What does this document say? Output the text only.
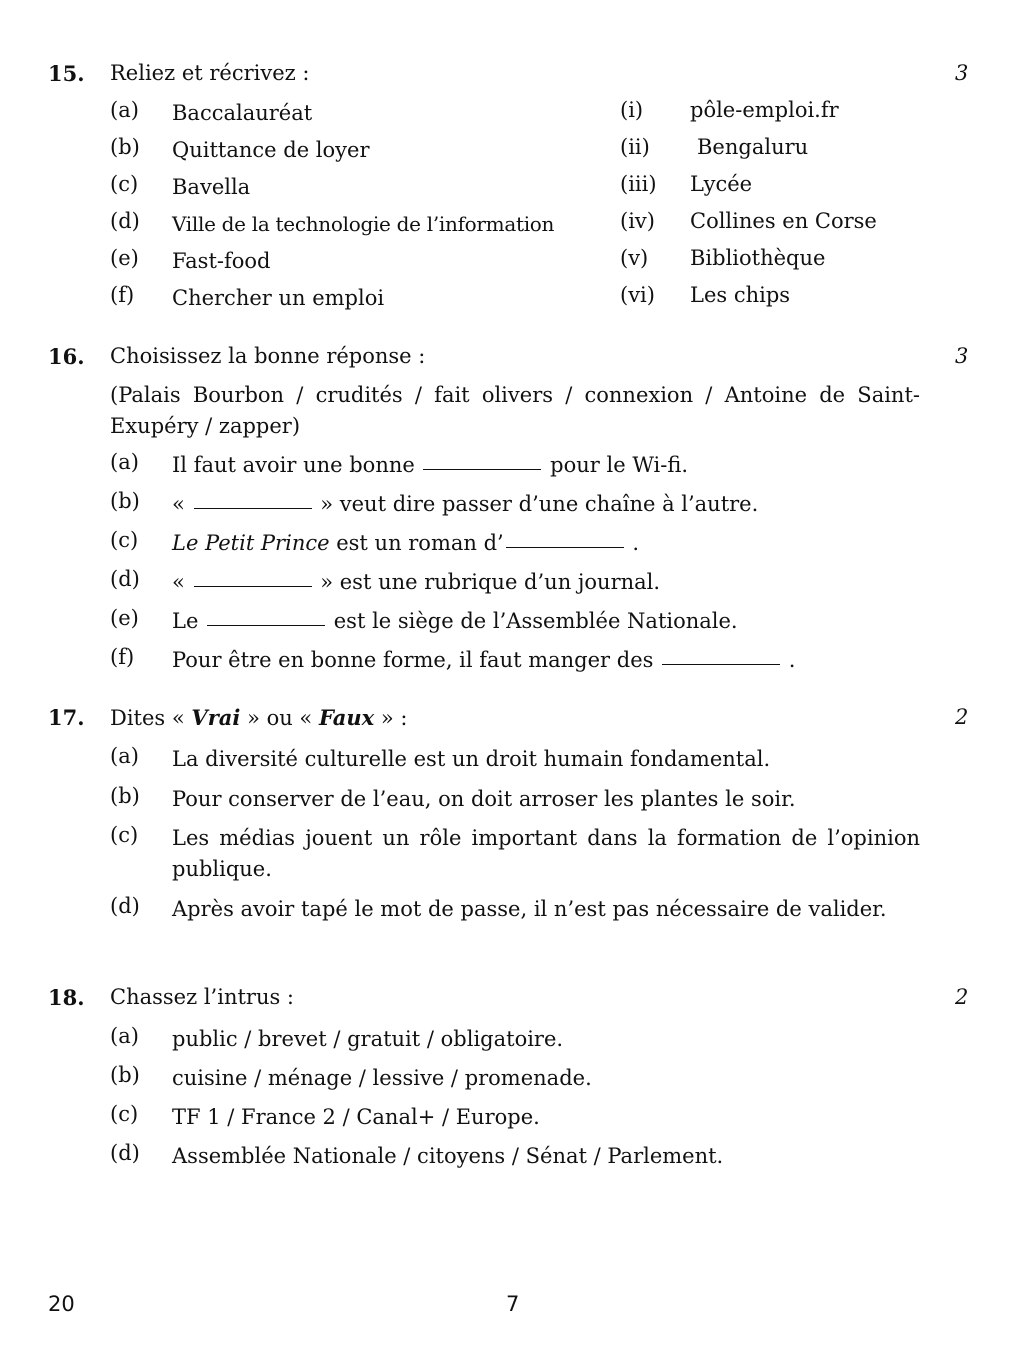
15. Reliez et récrivez :	3
(a) Baccalauréat	(i) pôle-emploi.fr
(b) Quittance de loyer	(ii) Bengaluru
(c) Bavella	(iii) Lycée
(d) Ville de la technologie de l’information	(iv) Collines en Corse
(e) Fast-food	(v) Bibliothèque
(f) Chercher un emploi	(vi) Les chips
16. Choisissez la bonne réponse :	3
(Palais Bourbon / crudités / fait olivers / connexion / Antoine de Saint-Exupéry / zapper)
(a) Il faut avoir une bonne	pour le Wi-fi.
(b) «	» veut dire passer d’une chaîne à l’autre.
(c) Le Petit Prince est un roman d’	.
(d) «	» est une rubrique d’un journal.
(e) Le	est le siège de l’Assemblée Nationale.
(f) Pour être en bonne forme, il faut manger des	.
17. Dites « Vrai » ou « Faux » :	2
(a) La diversité culturelle est un droit humain fondamental.
(b) Pour conserver de l’eau, on doit arroser les plantes le soir.
(c) Les médias jouent un rôle important dans la formation de l’opinion publique.
(d) Après avoir tapé le mot de passe, il n’est pas nécessaire de valider.
18. Chassez l’intrus :	2
(a) public / brevet / gratuit / obligatoire.
(b) cuisine / ménage / lessive / promenade.
(c) TF 1 / France 2 / Canal+ / Europe.
(d) Assemblée Nationale / citoyens / Sénat / Parlement.
20	7
